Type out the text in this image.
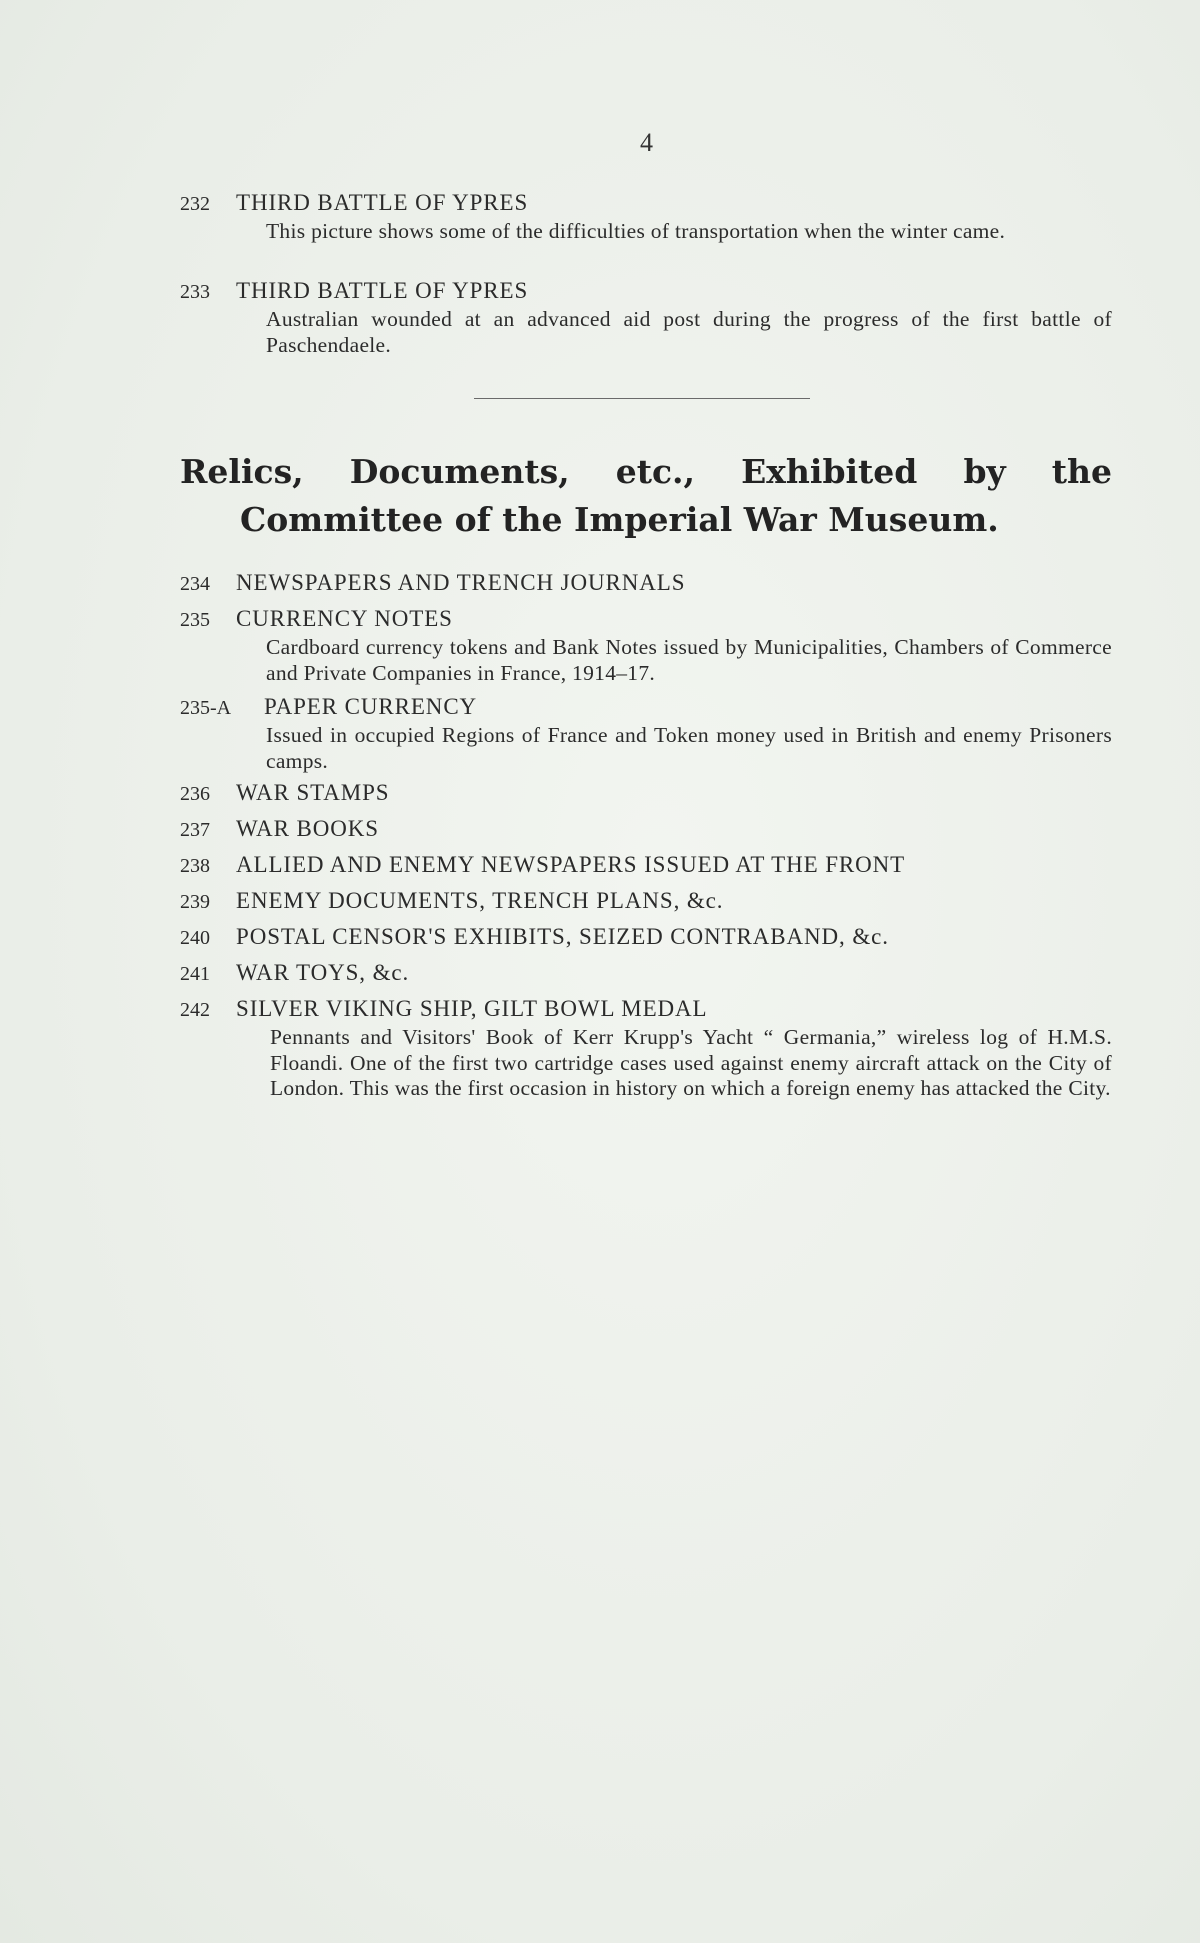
4
232 THIRD BATTLE OF YPRES
This picture shows some of the difficulties of transportation when the winter came.
233 THIRD BATTLE OF YPRES
Australian wounded at an advanced aid post during the progress of the first battle of Paschendaele.
Relics, Documents, etc., Exhibited by the
Committee of the Imperial War Museum.
234 NEWSPAPERS AND TRENCH JOURNALS
235 CURRENCY NOTES
Cardboard currency tokens and Bank Notes issued by Municipalities, Chambers of Commerce and Private Companies in France, 1914–17.
235-A PAPER CURRENCY
Issued in occupied Regions of France and Token money used in British and enemy Prisoners camps.
236 WAR STAMPS
237 WAR BOOKS
238 ALLIED AND ENEMY NEWSPAPERS ISSUED AT THE FRONT
239 ENEMY DOCUMENTS, TRENCH PLANS, &c.
240 POSTAL CENSOR'S EXHIBITS, SEIZED CONTRABAND, &c.
241 WAR TOYS, &c.
242 SILVER VIKING SHIP, GILT BOWL MEDAL
Pennants and Visitors' Book of Kerr Krupp's Yacht “ Germania,” wireless log of H.M.S. Floandi. One of the first two cartridge cases used against enemy aircraft attack on the City of London. This was the first occasion in history on which a foreign enemy has attacked the City.
